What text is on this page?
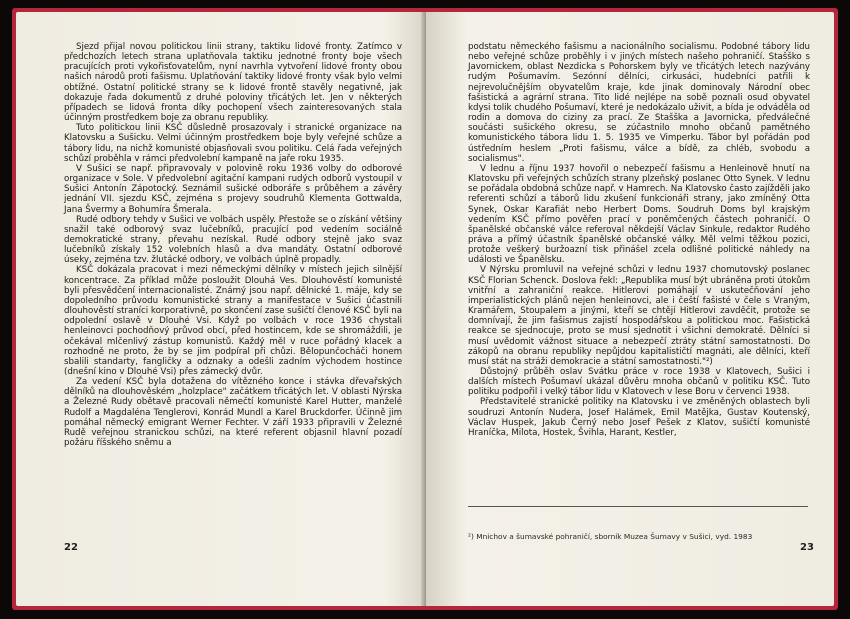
Sjezd přijal novou politickou linii strany, taktiku lidové fronty. Zatímco v předchozích letech strana uplatňovala taktiku jednotné fronty boje všech pracujících proti vykořisťovatelům, nyní navrhla vytvoření lidové fronty obou našich národů proti fašismu. Uplatňování taktiky lidové fronty však bylo velmi obtížné. Ostatní politické strany se k lidové frontě stavěly negativně, jak dokazuje řada dokumentů z druhé poloviny třicátých let. Jen v některých případech se lidová fronta díky pochopení všech zainteresovaných stala účinným prostředkem boje za obranu republiky.

Tuto politickou linii KSČ důsledně prosazovaly i stranické organizace na Klatovsku a Sušicku. Velmi účinným prostředkem boje byly veřejné schůze a tábory lidu, na nichž komunisté objasňovali svou politiku. Celá řada veřejných schůzí proběhla v rámci předvolební kampaně na jaře roku 1935.

V Sušici se např. připravovaly v polovině roku 1936 volby do odborové organizace v Sole. V předvolební agitační kampani rudých odborů vystoupil v Sušici Antonín Zápotocký. Seznámil sušické odboráře s průběhem a závěry jednání VII. sjezdu KSČ, zejména s projevy soudruhů Klementa Gottwalda, Jana Švermy a Bohumíra Šmerala.

Rudé odbory tehdy v Sušici ve volbách uspěly. Přestože se o získání většiny snažil také odborový svaz lučebníků, pracující pod vedením sociálně demokratické strany, převahu nezískal. Rudé odbory stejně jako svaz lučebníků získaly 152 volebních hlasů a dva mandáty. Ostatní odborové úseky, zejména tzv. žlutácké odbory, ve volbách úplně propadly.

KSČ dokázala pracovat i mezi německými dělníky v místech jejich silnější koncentrace. Za příklad může posloužit Dlouhá Ves. Dlouhověstí komunisté byli přesvědčení internacionalisté. Známý jsou např. dělnické 1. máje, kdy se dopoledního průvodu komunistické strany a manifestace v Sušici účastnili dlouhověstí straníci korporativně, po skončení zase sušičtí členové KSČ byli na odpolední oslavě v Dlouhé Vsi. Když po volbách v roce 1936 chystali henleinovci pochodňový průvod obcí, před hostincem, kde se shromáždili, je očekával mlčenlivý zástup komunistů. Každý měl v ruce pořádný klacek a rozhodně ne proto, že by se jim podpíral při chůzi. Bělopunčocháči honem sbalili standarty, fangličky a odznaky a odešli zadním východem hostince (dnešní kino v Dlouhé Vsi) přes zámecký dvůr.

Za vedení KSČ byla dotažena do vítězného konce i stávka dřevařských dělníků na dlouhověském „holzplace" začátkem třicátých let. V oblasti Nýrska a Železné Rudy obětavě pracovali němečtí komunisté Karel Hutter, manželé Rudolf a Magdaléna Tenglerovi, Konrád Mundl a Karel Bruckdorfer. Účinně jim pomáhal německý emigrant Werner Fechter. V září 1933 připravili v Železné Rudě veřejnou stranickou schůzi, na které referent objasnil hlavní pozadí požáru říšského sněmu a

22

podstatu německého fašismu a nacionálního socialismu. Podobné tábory lidu nebo veřejné schůze proběhly i v jiných místech našeho pohraničí. Stašško s Javornickem, oblast Nezdicka s Pohorskem byly ve třicátých letech nazývány rudým Pošumavím. Sezónní dělníci, cirkusáci, hudebníci patřili k nejrevolučnějším obyvatelům kraje, kde jinak dominovaly Národní obec fašistická a agrární strana. Tito lidé nejlépe na sobě poznali osud obyvatel kdysi tolik chudého Pošumaví, které je nedokázalo uživit, a bída je odváděla od rodin a domova do ciziny za prací. Ze Stašška a Javornicka, předválečné součásti sušického okresu, se zúčastnilo mnoho občanů pamětného komunistického tábora lidu 1. 5. 1935 ve Vimperku. Tábor byl pořádán pod ústředním heslem „Proti fašismu, válce a bídě, za chléb, svobodu a socialismus".

V lednu a říjnu 1937 hovořil o nebezpečí fašismu a Henleinově hnutí na Klatovsku při veřejných schůzích strany plzeňský poslanec Otto Synek. V lednu se pořádala obdobná schůze např. v Hamrech. Na Klatovsko často zajížděli jako referenti schůzí a táborů lidu zkušení funkcionáři strany, jako zmíněný Otta Synek, Oskar Karafiát nebo Herbert Doms. Soudruh Doms byl krajským vedením KSČ přímo pověřen prací v poněmčených částech pohraničí. O španělské občanské válce referoval někdejší Václav Sinkule, redaktor Rudého práva a přímý účastník španělské občanské války. Měl velmi těžkou pozici, protože veškerý buržoazní tisk přinášel zcela odlišné politické náhledy na události ve Španělsku.

V Nýrsku promluvil na veřejné schůzi v lednu 1937 chomutovský poslanec KSČ Florian Schenck. Doslova řekl: „Republika musí být ubráněna proti útokům vnitřní a zahraniční reakce. Hitlerovi pomáhají v uskutečňování jeho imperialistických plánů nejen henleinovci, ale i čeští fašisté v čele s Vraným, Kramářem, Stoupalem a jinými, kteří se chtějí Hitlerovi zavděčit, protože se domnívají, že jim fašismus zajistí hospodářskou a politickou moc. Fašistická reakce se sjednocuje, proto se musí sjednotit i všichni demokraté. Dělníci si musí uvědomit vážnost situace a nebezpečí ztráty státní samostatnosti. Do zákopů na obranu republiky nepůjdou kapitalističtí magnáti, ale dělníci, kteří musí stát na stráži demokracie a státní samostatnosti."²)

Důstojný průběh oslav Svátku práce v roce 1938 v Klatovech, Sušici i dalších místech Pošumaví ukázal důvěru mnoha občanů v politiku KSČ. Tuto politiku podpořil i velký tábor lidu v Klatovech v lese Boru v červenci 1938.

Představitelé stranické politiky na Klatovsku i ve změněných oblastech byli soudruzi Antonín Nudera, Josef Halámek, Emil Matějka, Gustav Koutenský, Václav Huspek, Jakub Černý nebo Josef Pešek z Klatov, sušičtí komunisté Hraníčka, Milota, Hostek, Švihla, Harant, Kestler,

²) Mnichov a šumavské pohraničí, sborník Muzea Šumavy v Sušici, vyd. 1983
23
